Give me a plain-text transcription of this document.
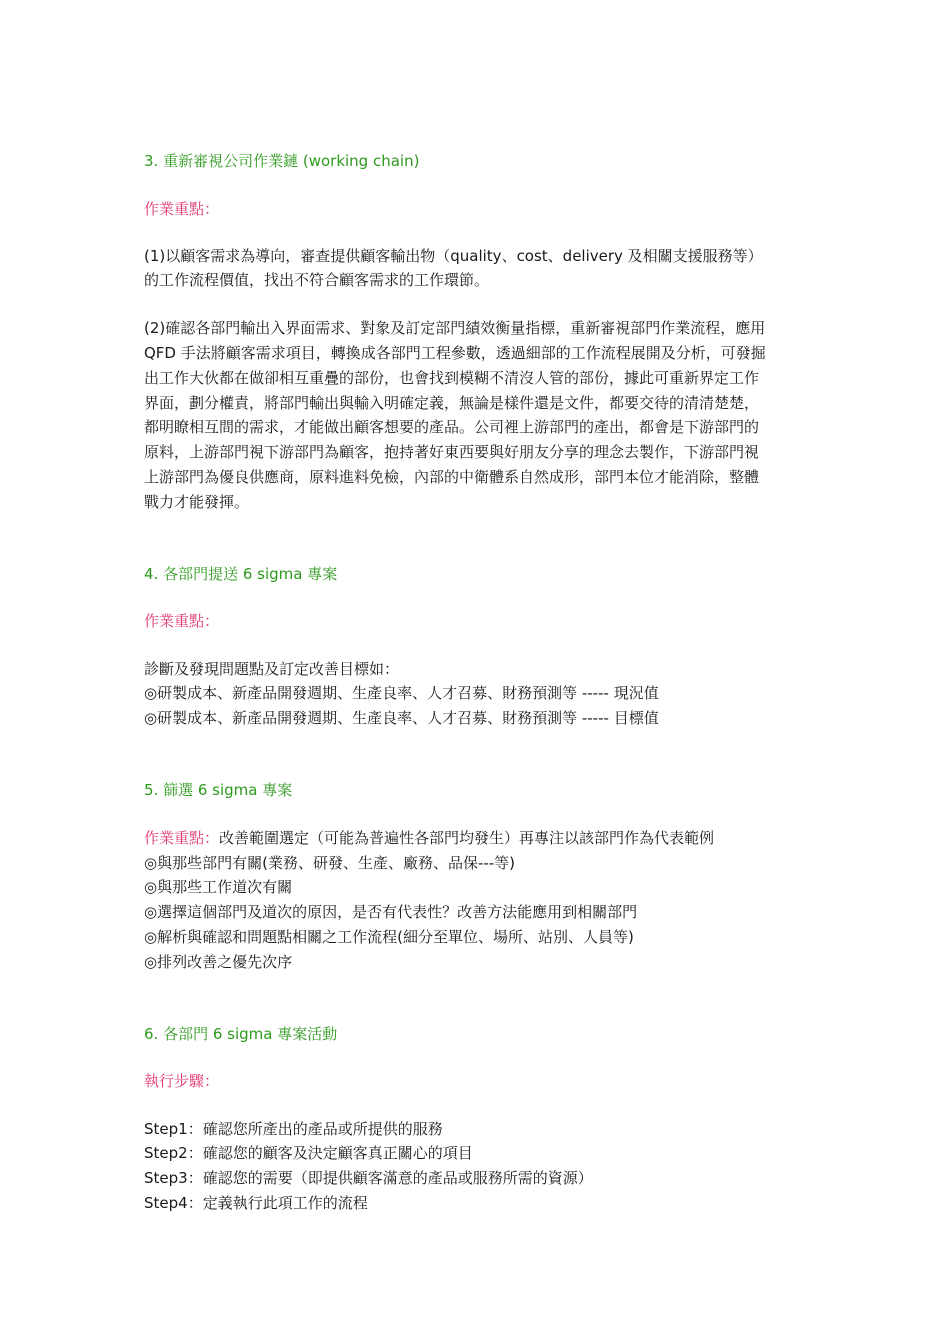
3. 重新審視公司作業鏈 (working chain)
作業重點：
(1)以顧客需求為導向，審查提供顧客輸出物（quality、cost、delivery 及相關支援服務等）
的工作流程價值，找出不符合顧客需求的工作環節。
(2)確認各部門輸出入界面需求、對象及訂定部門績效衡量指標，重新審視部門作業流程，應用
QFD 手法將顧客需求項目，轉換成各部門工程參數，透過細部的工作流程展開及分析，可發掘
出工作大伙都在做卻相互重疊的部份，也會找到模糊不清沒人管的部份，據此可重新界定工作
界面，劃分權責，將部門輸出與輸入明確定義，無論是樣件還是文件，都要交待的清清楚楚，
都明瞭相互間的需求，才能做出顧客想要的產品。公司裡上游部門的產出，都會是下游部門的
原料，上游部門視下游部門為顧客，抱持著好東西要與好朋友分享的理念去製作，下游部門視
上游部門為優良供應商，原料進料免檢，內部的中衛體系自然成形，部門本位才能消除，整體
戰力才能發揮。
4. 各部門提送 6 sigma 專案
作業重點：
診斷及發現問題點及訂定改善目標如：
◎研製成本、新產品開發週期、生產良率、人才召募、財務預測等 ----- 現況值
◎研製成本、新產品開發週期、生產良率、人才召募、財務預測等 ----- 目標值
5. 篩選 6 sigma 專案
作業重點：改善範圍選定（可能為普遍性各部門均發生）再專注以該部門作為代表範例
◎與那些部門有關(業務、研發、生產、廠務、品保---等)
◎與那些工作道次有關
◎選擇這個部門及道次的原因，是否有代表性？改善方法能應用到相關部門
◎解析與確認和問題點相關之工作流程(細分至單位、場所、站別、人員等)
◎排列改善之優先次序
6. 各部門 6 sigma 專案活動
執行步驟：
Step1：確認您所產出的產品或所提供的服務
Step2：確認您的顧客及決定顧客真正關心的項目
Step3：確認您的需要（即提供顧客滿意的產品或服務所需的資源）
Step4：定義執行此項工作的流程
